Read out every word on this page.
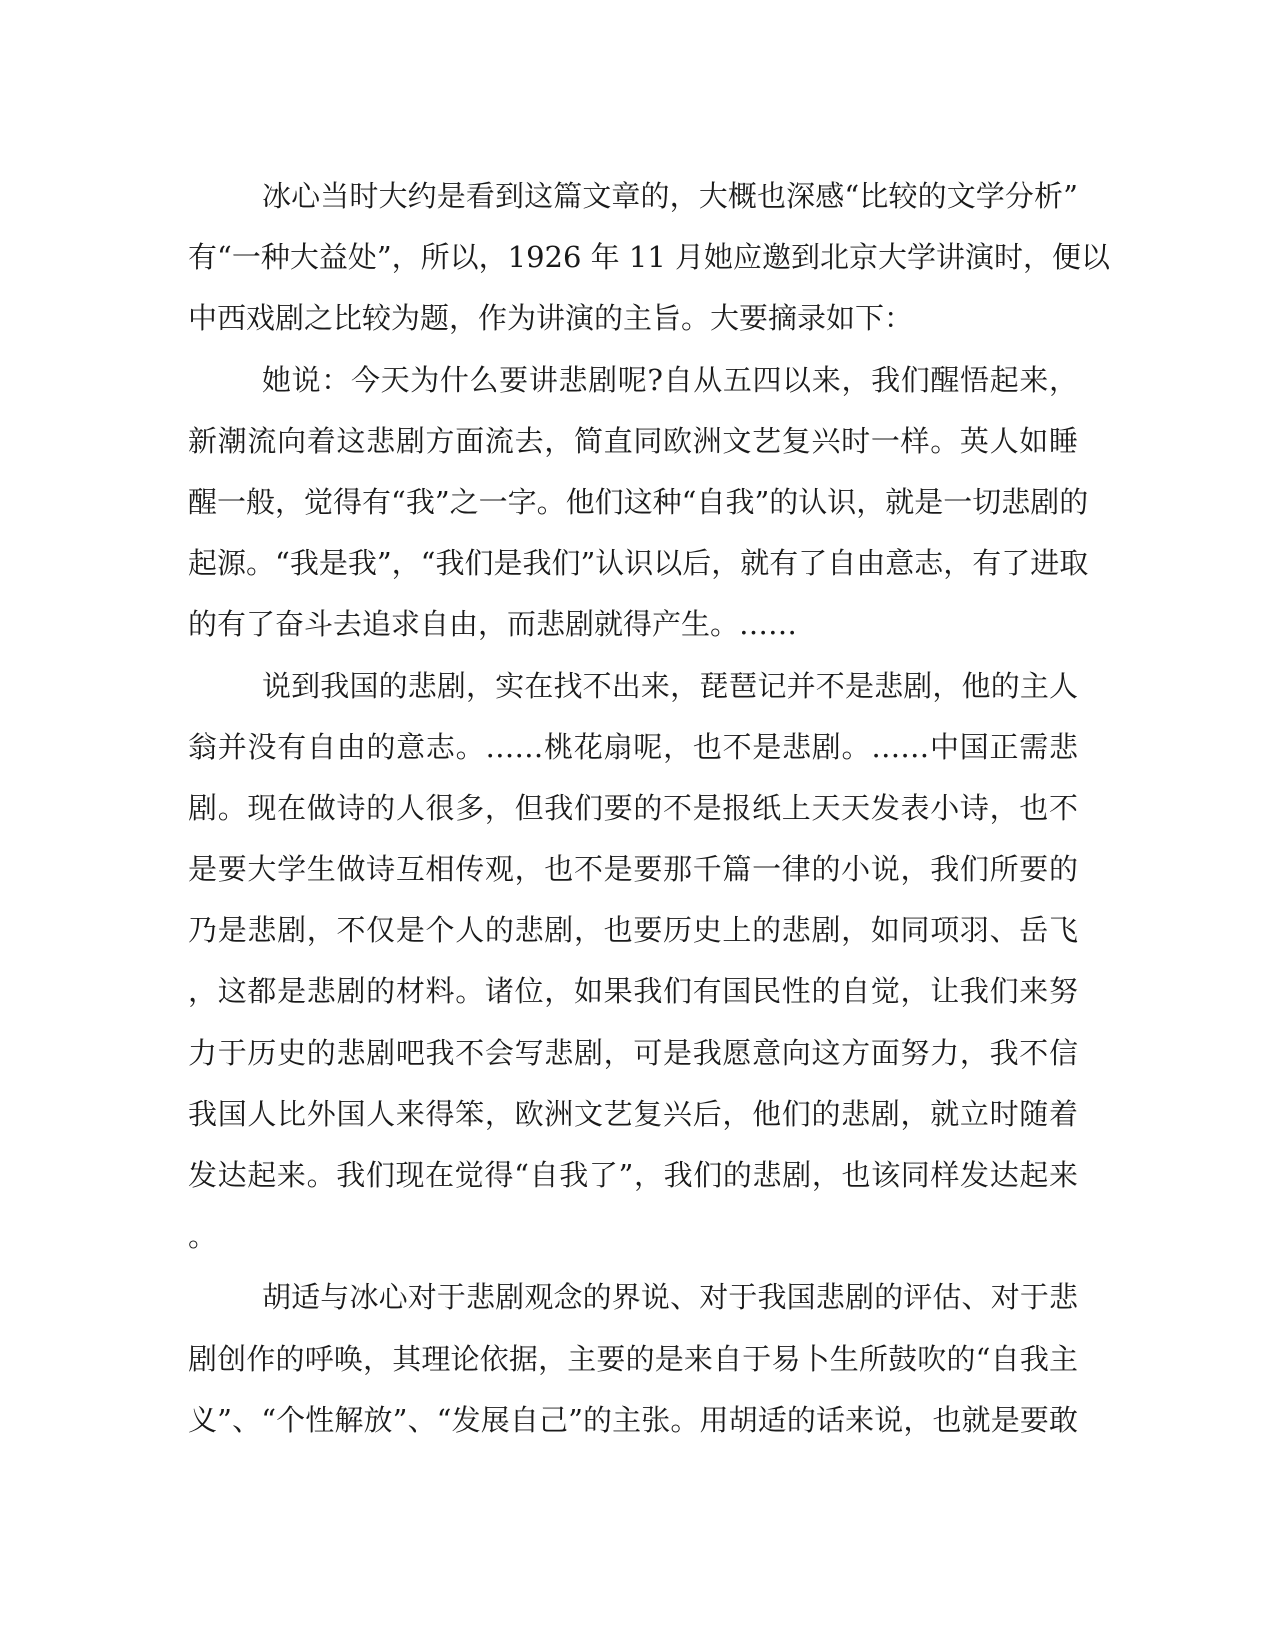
冰心当时大约是看到这篇文章的，大概也深感“比较的文学分析”
有“一种大益处”，所以，1926 年 11 月她应邀到北京大学讲演时，便以
中西戏剧之比较为题，作为讲演的主旨。大要摘录如下：
她说：今天为什么要讲悲剧呢?自从五四以来，我们醒悟起来，
新潮流向着这悲剧方面流去，简直同欧洲文艺复兴时一样。英人如睡
醒一般，觉得有“我”之一字。他们这种“自我”的认识，就是一切悲剧的
起源。“我是我”，“我们是我们”认识以后，就有了自由意志，有了进取
的有了奋斗去追求自由，而悲剧就得产生。……
说到我国的悲剧，实在找不出来，琵琶记并不是悲剧，他的主人
翁并没有自由的意志。……桃花扇呢，也不是悲剧。……中国正需悲
剧。现在做诗的人很多，但我们要的不是报纸上天天发表小诗，也不
是要大学生做诗互相传观，也不是要那千篇一律的小说，我们所要的
乃是悲剧，不仅是个人的悲剧，也要历史上的悲剧，如同项羽、岳飞
，这都是悲剧的材料。诸位，如果我们有国民性的自觉，让我们来努
力于历史的悲剧吧我不会写悲剧，可是我愿意向这方面努力，我不信
我国人比外国人来得笨，欧洲文艺复兴后，他们的悲剧，就立时随着
发达起来。我们现在觉得“自我了”，我们的悲剧，也该同样发达起来
。
胡适与冰心对于悲剧观念的界说、对于我国悲剧的评估、对于悲
剧创作的呼唤，其理论依据，主要的是来自于易卜生所鼓吹的“自我主
义”、“个性解放”、“发展自己”的主张。用胡适的话来说，也就是要敢
